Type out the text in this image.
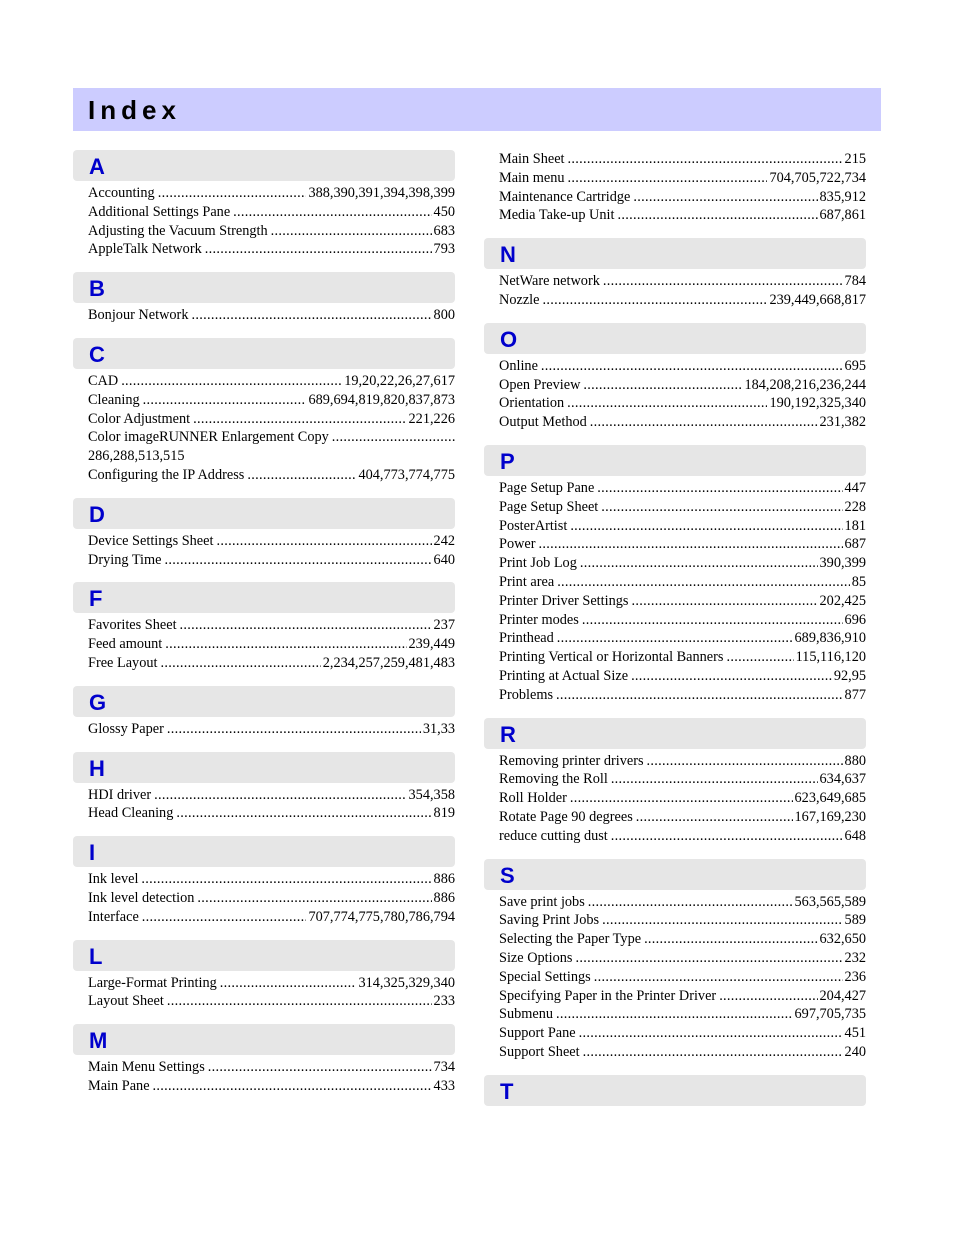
Index
A
Accounting .....	388,390,391,394,398,399
Additional Settings Pane .....	450
Adjusting the Vacuum Strength .....	683
AppleTalk Network .....	793
B
Bonjour Network .....	800
C
CAD .....	19,20,22,26,27,617
Cleaning .....	689,694,819,820,837,873
Color Adjustment .....	221,226
Color imageRUNNER Enlargement Copy
.....
286,288,513,515
Configuring the IP Address .....	404,773,774,775
D
Device Settings Sheet .....	242
Drying Time .....	640
F
Favorites Sheet .....	237
Feed amount .....	239,449
Free Layout .....	2,234,257,259,481,483
G
Glossy Paper .....	31,33
H
HDI driver .....	354,358
Head Cleaning .....	819
I
Ink level .....	886
Ink level detection .....	886
Interface .....	707,774,775,780,786,794
L
Large-Format Printing .....	314,325,329,340
Layout Sheet .....	233
M
Main Menu Settings .....	734
Main Pane .....	433
Main Sheet .....	215
Main menu .....	704,705,722,734
Maintenance Cartridge .....	835,912
Media Take-up Unit .....	687,861
N
NetWare network .....	784
Nozzle .....	239,449,668,817
O
Online .....	695
Open Preview .....	184,208,216,236,244
Orientation .....	190,192,325,340
Output Method .....	231,382
P
Page Setup Pane .....	447
Page Setup Sheet .....	228
PosterArtist .....	181
Power .....	687
Print Job Log .....	390,399
Print area .....	85
Printer Driver Settings .....	202,425
Printer modes .....	696
Printhead .....	689,836,910
Printing Vertical or Horizontal Banners .....	115,116,120
Printing at Actual Size .....	92,95
Problems .....	877
R
Removing printer drivers .....	880
Removing the Roll .....	634,637
Roll Holder .....	623,649,685
Rotate Page 90 degrees .....	167,169,230
reduce cutting dust .....	648
S
Save print jobs .....	563,565,589
Saving Print Jobs .....	589
Selecting the Paper Type .....	632,650
Size Options .....	232
Special Settings .....	236
Specifying Paper in the Printer Driver .....	204,427
Submenu .....	697,705,735
Support Pane .....	451
Support Sheet .....	240
T
